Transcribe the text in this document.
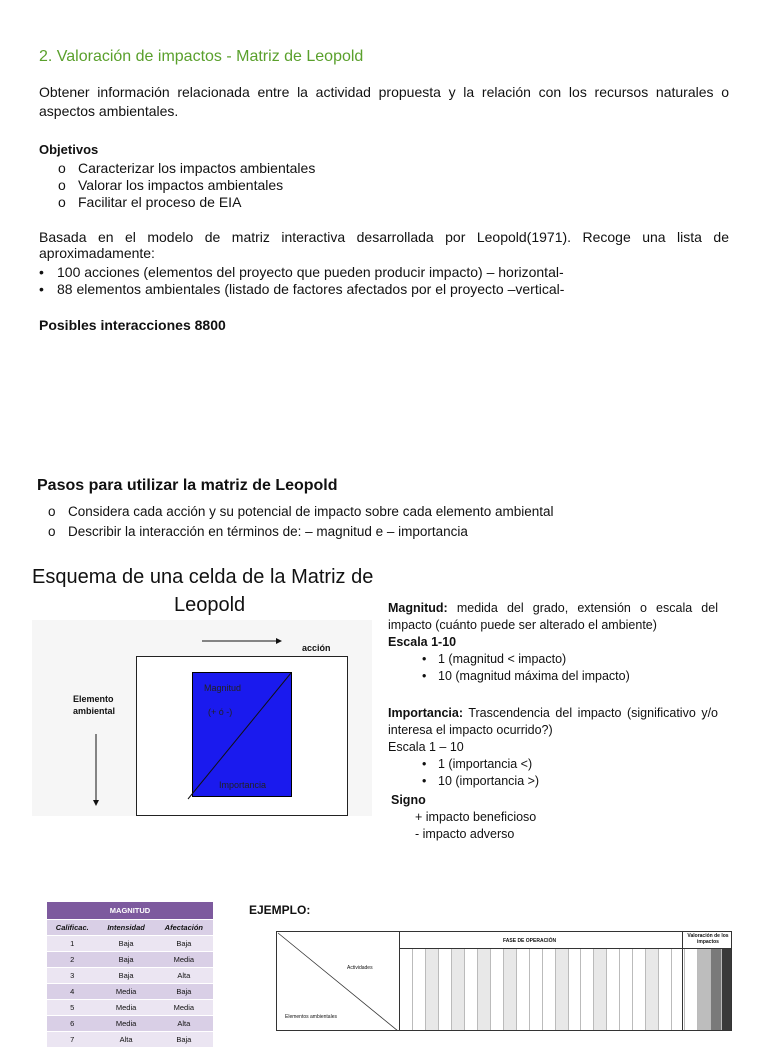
2. Valoración de impactos - Matriz de Leopold
Obtener información relacionada entre la actividad propuesta y la relación con los recursos naturales o aspectos ambientales.
Objetivos
o Caracterizar los impactos ambientales
o Valorar los impactos ambientales
o Facilitar el proceso de EIA
Basada en el modelo de matriz interactiva desarrollada por Leopold(1971). Recoge una lista de aproximadamente:
• 100 acciones (elementos del proyecto que pueden producir impacto) – horizontal-
• 88 elementos ambientales (listado de factores afectados por el proyecto –vertical-
Posibles interacciones 8800
Pasos para utilizar la matriz de Leopold
o Considera cada acción y su potencial de impacto sobre cada elemento ambiental
o Describir la interacción en términos de: – magnitud e – importancia
Esquema de una celda de la Matriz de
Leopold
acción
Elemento
ambiental
Magnitud
(+ ó -)
Importancia
Magnitud: medida del grado, extensión o escala del impacto (cuánto puede ser alterado el ambiente)
Escala 1-10
• 1 (magnitud < impacto)
• 10 (magnitud máxima del impacto)
Importancia: Trascendencia del impacto (significativo y/o interesa el impacto ocurrido?)
Escala 1 – 10
• 1 (importancia <)
• 10 (importancia >)
Signo
+ impacto beneficioso
- impacto adverso
MAGNITUD		
Calificac.	Intensidad	Afectación
1	Baja	Baja
2	Baja	Media
3	Baja	Alta
4	Media	Baja
5	Media	Media
6	Media	Alta
7	Alta	Baja
EJEMPLO:
FASE DE OPERACIÓN
Valoración de los impactos
Actividades
Elementos ambientales
